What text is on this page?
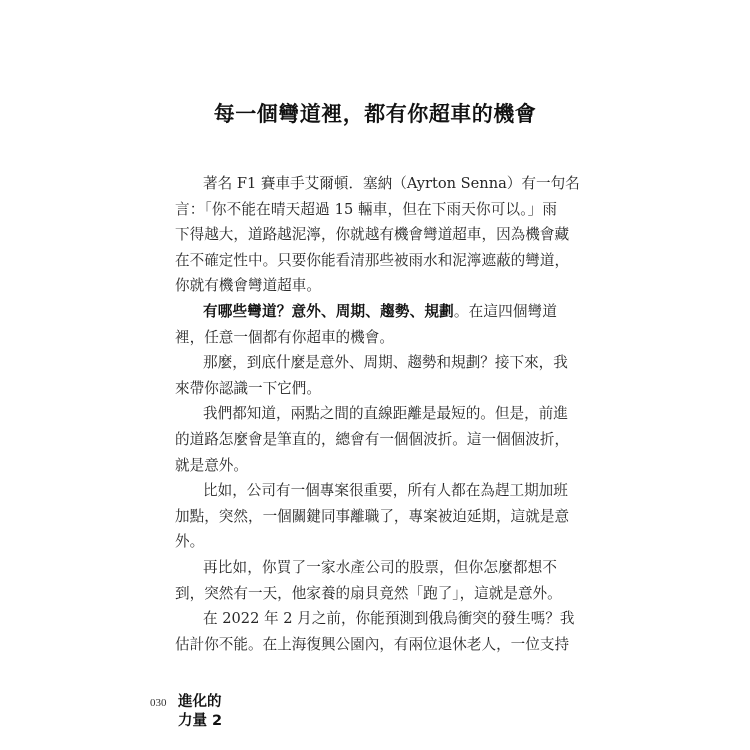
每一個彎道裡，都有你超車的機會
著名 F1 賽車手艾爾頓．塞納（Ayrton Senna）有一句名
言：「你不能在晴天超過 15 輛車，但在下雨天你可以。」雨
下得越大，道路越泥濘，你就越有機會彎道超車，因為機會藏
在不確定性中。只要你能看清那些被雨水和泥濘遮蔽的彎道，
你就有機會彎道超車。
有哪些彎道？意外、周期、趨勢、規劃。在這四個彎道
裡，任意一個都有你超車的機會。
那麼，到底什麼是意外、周期、趨勢和規劃？接下來，我
來帶你認識一下它們。
我們都知道，兩點之間的直線距離是最短的。但是，前進
的道路怎麼會是筆直的，總會有一個個波折。這一個個波折，
就是意外。
比如，公司有一個專案很重要，所有人都在為趕工期加班
加點，突然，一個關鍵同事離職了，專案被迫延期，這就是意
外。
再比如，你買了一家水產公司的股票，但你怎麼都想不
到，突然有一天，他家養的扇貝竟然「跑了」，這就是意外。
在 2022 年 2 月之前，你能預測到俄烏衝突的發生嗎？我
估計你不能。在上海復興公園內，有兩位退休老人，一位支持
030 進化的
力量 2
